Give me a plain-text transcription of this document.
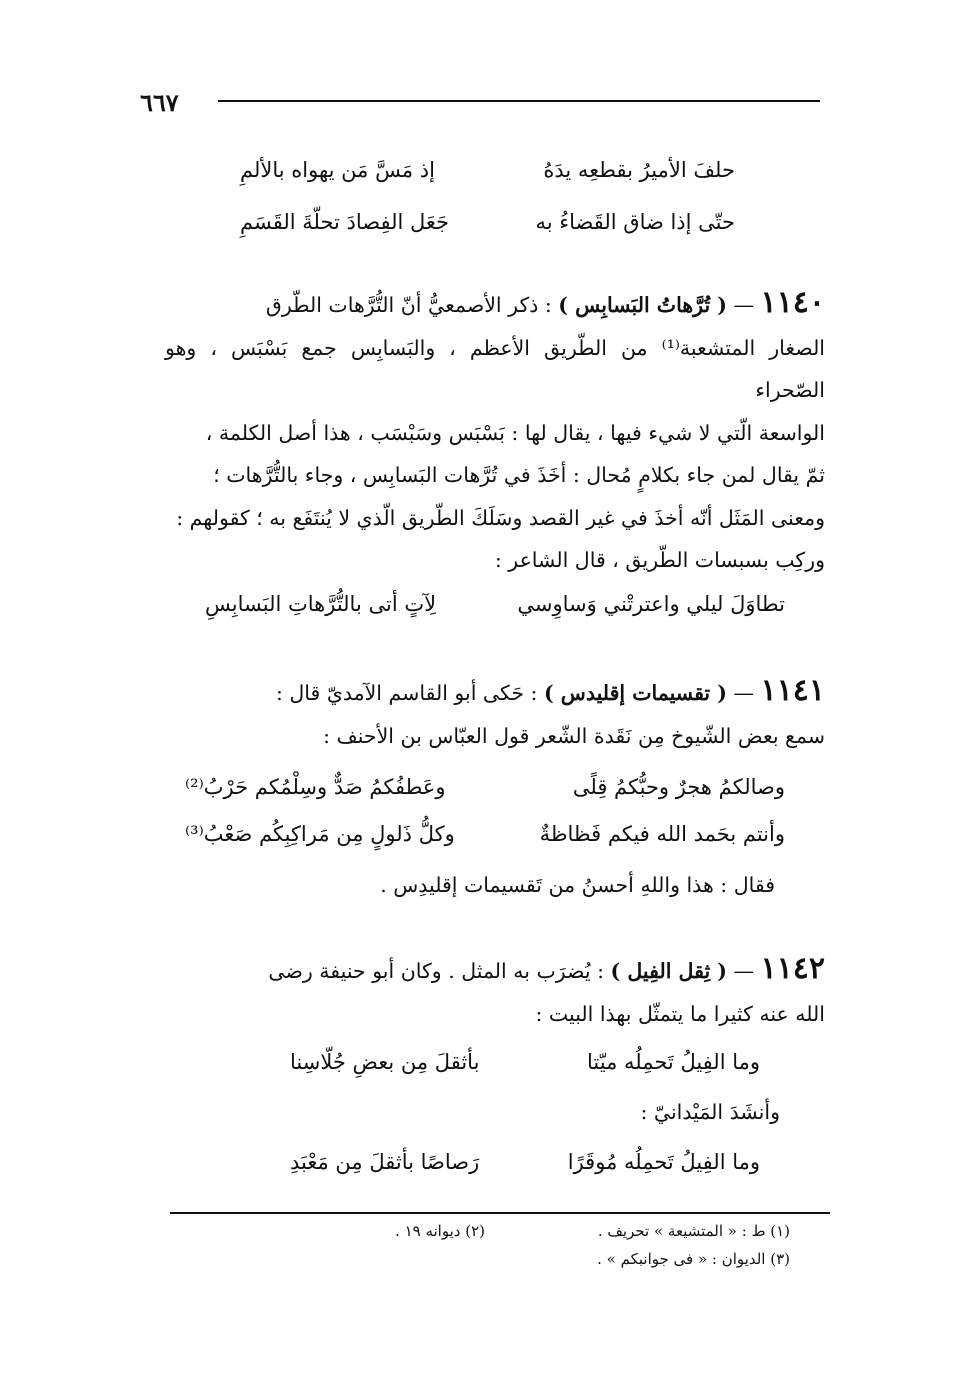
٦٦٧
حلفَ الأميرُ بقطعِه يدَهُ
إذ مَسَّ مَن يهواه بالألمِ
حتّى إذا ضاق القَضاءُ به
جَعَل الفِصادَ تحلّةَ القَسَمِ

١١٤٠ — ( تُرَّهاتُ البَسابِس ) : ذكر الأصمعيُّ أنّ التُّرَّهات الطّرق

الصغار المتشعبة⁽¹⁾ من الطّريق الأعظم ، والبَسابِس جمع بَسْبَس ، وهو الصّحراء

الواسعة الّتي لا شيء فيها ، يقال لها : بَسْبَس وسَبْسَب ، هذا أصل الكلمة ،

ثمّ يقال لمن جاء بكلامٍ مُحال : أخَذَ في تُرَّهات البَسابِس ، وجاء بالتُّرَّهات ؛

ومعنى المَثَل أنّه أخذَ في غير القصد وسَلَكَ الطّريق الّذي لا يُنتَفَع به ؛ كقولهم :

وركِب بسبسات الطّريق ، قال الشاعر :

تطاوَلَ ليلي واعترتْني وَساوِسي
لِآتٍ أتى بالتُّرَّهاتِ البَسابِسِ

١١٤١ — ( تقسيمات إقليدس ) : حَكى أبو القاسم الآمديّ قال :

سمع بعض الشّيوخ مِن نَقَدة الشّعر قول العبّاس بن الأحنف :

وصالكمُ هجرٌ وحبُّكمُ قِلًى
وعَطفُكمُ صَدٌّ وسِلْمُكم حَرْبُ⁽²⁾
وأنتم بحَمد الله فيكم فَظاظةٌ
وكلُّ ذَلولٍ مِن مَراكِبِكُم صَعْبُ⁽³⁾
فقال : هذا واللهِ أحسنُ من تَقسيمات إقليدِس .

١١٤٢ — ( ثِقل الفِيل ) : يُضرَب به المثل . وكان أبو حنيفة رضى

الله عنه كثيرا ما يتمثّل بهذا البيت :

وما الفِيلُ تَحمِلُه ميّتا
بأثقلَ مِن بعضِ جُلّاسِنا
وأنشَدَ المَيْدانيّ :
وما الفِيلُ تَحمِلُه مُوقَرًا
رَصاصًا بأثقلَ مِن مَعْبَدِ
(١) ط : « المتشيعة » تحريف .
(٢) ديوانه ١٩ .
(٣) الديوان : « فى جوانبكم » .
